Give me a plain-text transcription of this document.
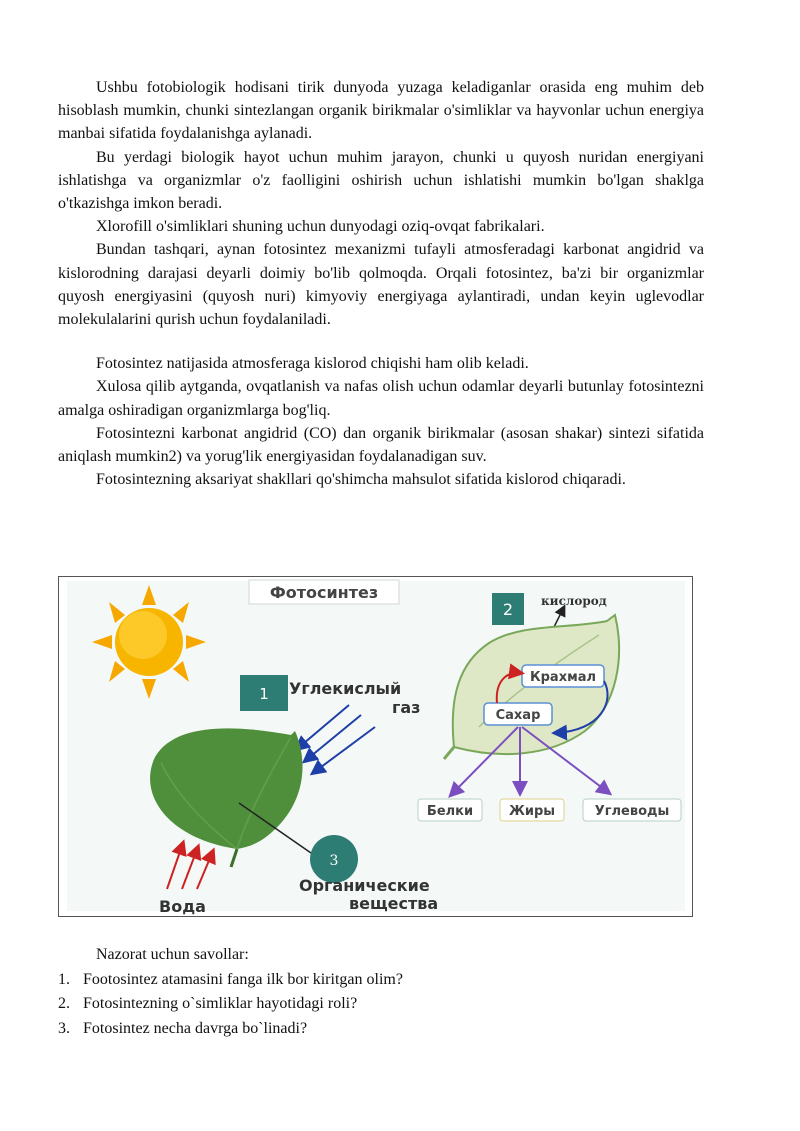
Ushbu fotobiologik hodisani tirik dunyoda yuzaga keladiganlar orasida eng muhim deb hisoblash mumkin, chunki sintezlangan organik birikmalar o'simliklar va hayvonlar uchun energiya manbai sifatida foydalanishga aylanadi.

Bu yerdagi biologik hayot uchun muhim jarayon, chunki u quyosh nuridan energiyani ishlatishga va organizmlar o'z faolligini oshirish uchun ishlatishi mumkin bo'lgan shaklga o'tkazishga imkon beradi.

Xlorofill o'simliklari shuning uchun dunyodagi oziq-ovqat fabrikalari.

Bundan tashqari, aynan fotosintez mexanizmi tufayli atmosferadagi karbonat angidrid va kislorodning darajasi deyarli doimiy bo'lib qolmoqda. Orqali fotosintez, ba'zi bir organizmlar quyosh energiyasini (quyosh nuri) kimyoviy energiyaga aylantiradi, undan keyin uglevodlar molekulalarini qurish uchun foydalaniladi.

Fotosintez natijasida atmosferaga kislorod chiqishi ham olib keladi.

Xulosa qilib aytganda, ovqatlanish va nafas olish uchun odamlar deyarli butunlay fotosintezni amalga oshiradigan organizmlarga bog'liq.

Fotosintezni karbonat angidrid (CO) dan organik birikmalar (asosan shakar) sintezi sifatida aniqlash mumkin2) va yorug'lik energiyasidan foydalanadigan suv.

Fotosintezning aksariyat shakllari qo'shimcha mahsulot sifatida kislorod chiqaradi.

Фотосинтез
1 Углекислый
газ
3
Органические
вещества
Вода
2 кислород
Крахмал
Сахар
Белки	Жиры	Углеводы
Nazorat uchun savollar:
1. Footosintez atamasini fanga ilk bor kiritgan olim?
2. Fotosintezning o`simliklar hayotidagi roli?
3. Fotosintez necha davrga bo`linadi?
